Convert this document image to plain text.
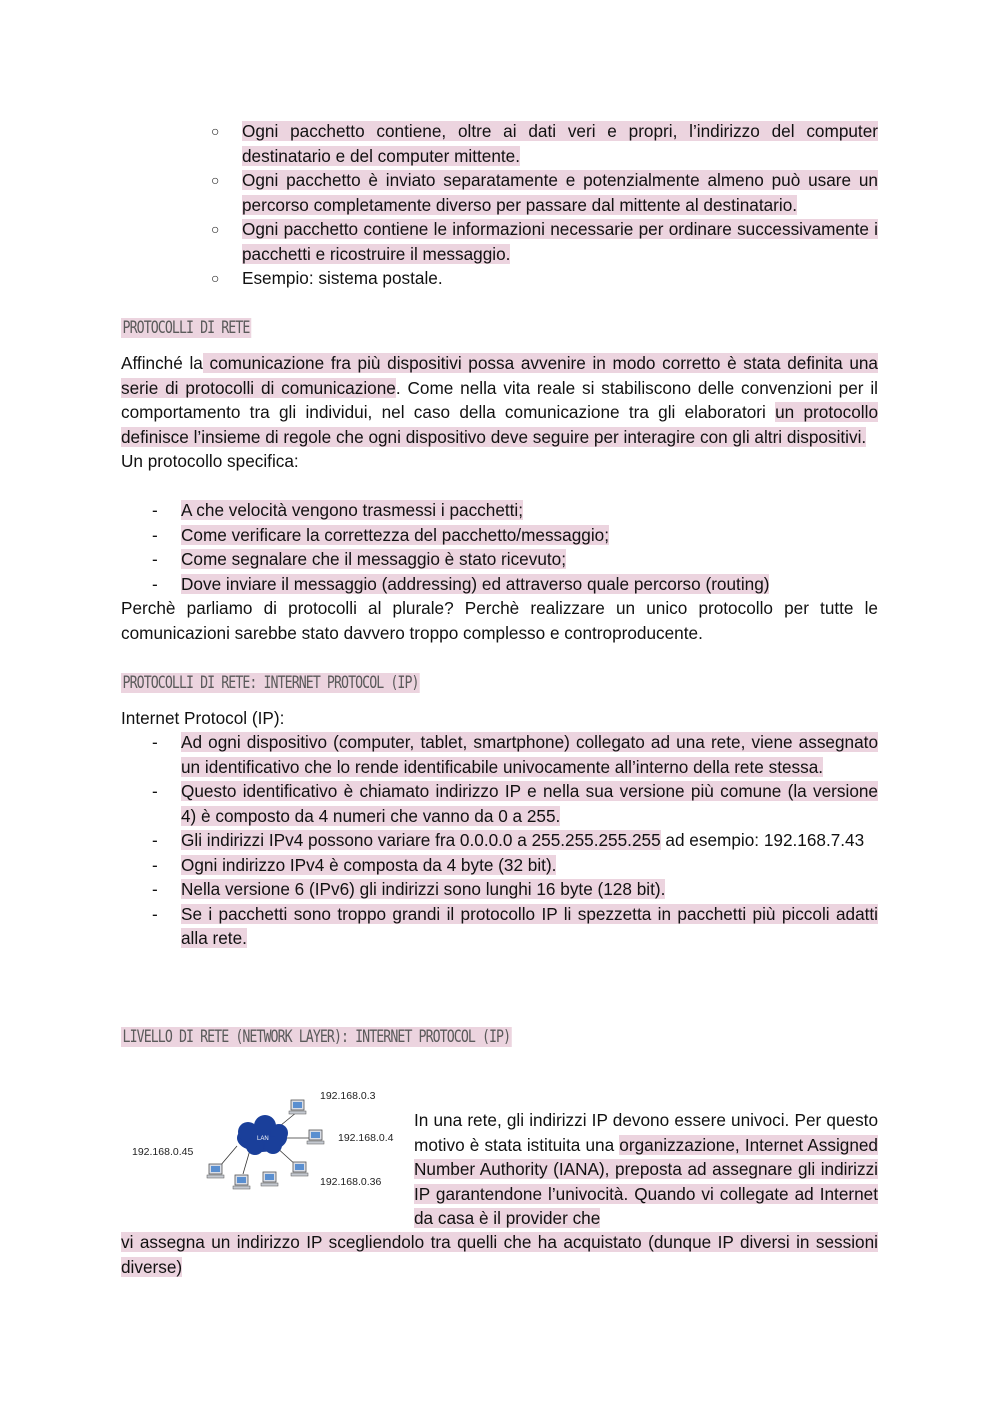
○ Ogni pacchetto contiene, oltre ai dati veri e propri, l’indirizzo del computer destinatario e del computer mittente.
○ Ogni pacchetto è inviato separatamente e potenzialmente almeno può usare un percorso completamente diverso per passare dal mittente al destinatario.
○ Ogni pacchetto contiene le informazioni necessarie per ordinare successivamente i pacchetti e ricostruire il messaggio.
○ Esempio: sistema postale.
PROTOCOLLI DI RETE

Affinché la comunicazione fra più dispositivi possa avvenire in modo corretto è stata definita una serie di protocolli di comunicazione. Come nella vita reale si stabiliscono delle convenzioni per il comportamento tra gli individui, nel caso della comunicazione tra gli elaboratori un protocollo definisce l’insieme di regole che ogni dispositivo deve seguire per interagire con gli altri dispositivi.
Un protocollo specifica:

- A che velocità vengono trasmessi i pacchetti;
- Come verificare la correttezza del pacchetto/messaggio;
- Come segnalare che il messaggio è stato ricevuto;
- Dove inviare il messaggio (addressing) ed attraverso quale percorso (routing)

Perchè parliamo di protocolli al plurale? Perchè realizzare un unico protocollo per tutte le comunicazioni sarebbe stato davvero troppo complesso e controproducente.

PROTOCOLLI DI RETE: INTERNET PROTOCOL (IP)

Internet Protocol (IP):

- Ad ogni dispositivo (computer, tablet, smartphone) collegato ad una rete, viene assegnato un identificativo che lo rende identificabile univocamente all’interno della rete stessa.
- Questo identificativo è chiamato indirizzo IP e nella sua versione più comune (la versione 4) è composto da 4 numeri che vanno da 0 a 255.
- Gli indirizzi IPv4 possono variare fra 0.0.0.0 a 255.255.255.255 ad esempio: 192.168.7.43
- Ogni indirizzo IPv4 è composta da 4 byte (32 bit).
- Nella versione 6 (IPv6) gli indirizzi sono lunghi 16 byte (128 bit).
- Se i pacchetti sono troppo grandi il protocollo IP li spezzetta in pacchetti più piccoli adatti alla rete.
LIVELLO DI RETE (NETWORK LAYER): INTERNET PROTOCOL (IP)
192.168.0.3
192.168.0.4
192.168.0.45
192.168.0.36
LAN

In una rete, gli indirizzi IP devono essere univoci. Per questo motivo è stata istituita una organizzazione, Internet Assigned Number Authority (IANA), preposta ad assegnare gli indirizzi IP garantendone l’univocità. Quando vi collegate ad Internet da casa è il provider che

vi assegna un indirizzo IP scegliendolo tra quelli che ha acquistato (dunque IP diversi in sessioni diverse)
